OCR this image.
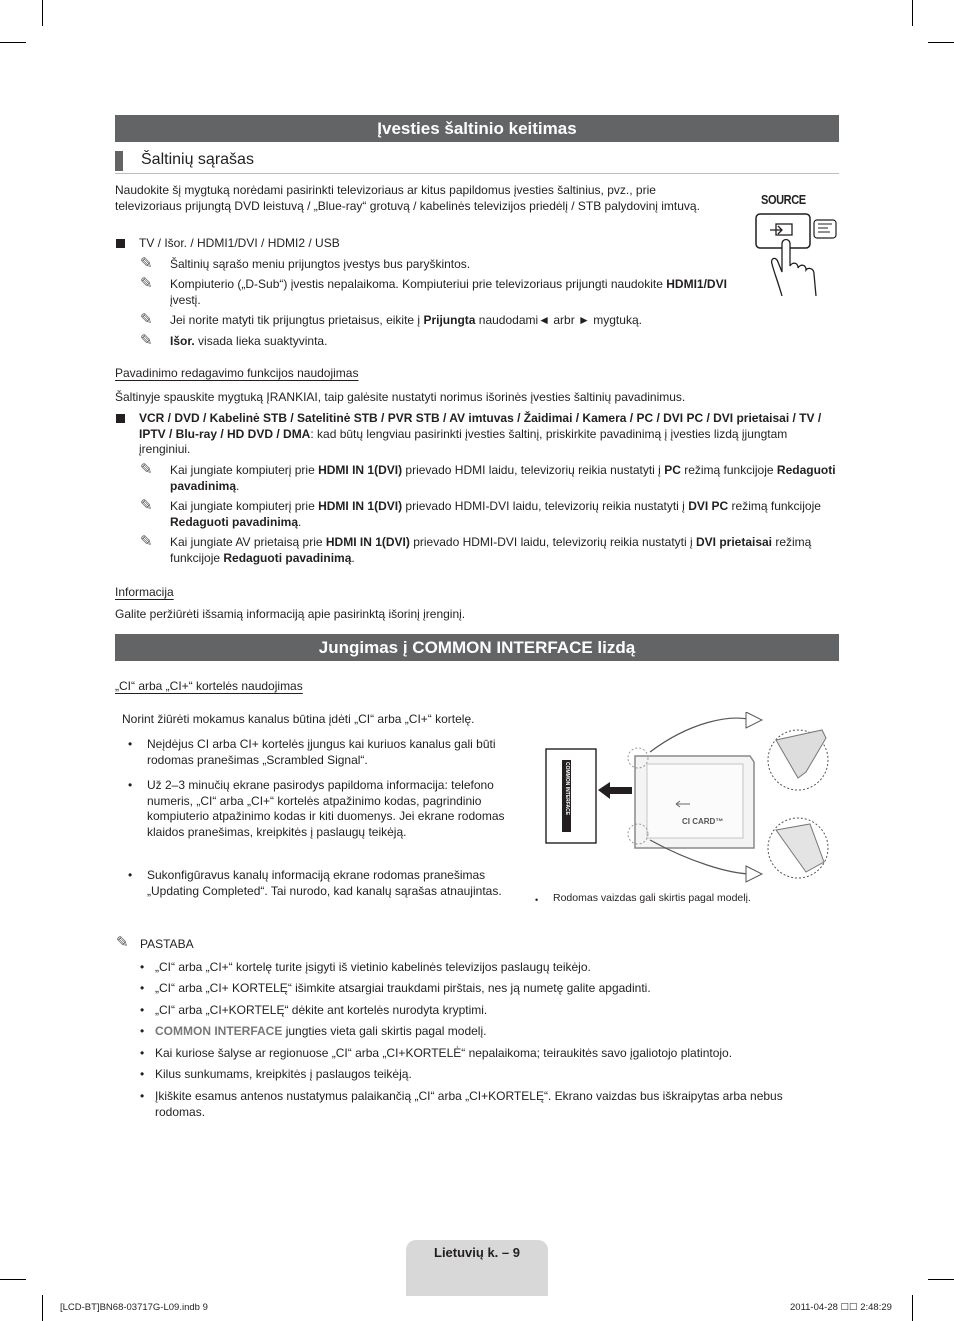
Įvesties šaltinio keitimas
Šaltinių sąrašas

Naudokite šį mygtuką norėdami pasirinkti televizoriaus ar kitus papildomus įvesties šaltinius, pvz., prie televizoriaus prijungtą DVD leistuvą / „Blue-ray“ grotuvą / kabelinės televizijos priedėlį / STB palydovinį imtuvą.	SOURCE

TV / Išor. / HDMI1/DVI / HDMI2 / USB

✎ Šaltinių sąrašo meniu prijungtos įvestys bus paryškintos.

✎ Kompiuterio („D-Sub“) įvestis nepalaikoma. Kompiuteriui prie televizoriaus prijungti naudokite HDMI1/DVI įvestį.

✎ Jei norite matyti tik prijungtus prietaisus, eikite į Prijungta naudodami◄ arbr ► mygtuką.

✎ Išor. visada lieka suaktyvinta.

Pavadinimo redagavimo funkcijos naudojimas

Šaltinyje spauskite mygtuką ĮRANKIAI, taip galėsite nustatyti norimus išorinės įvesties šaltinių pavadinimus.

VCR / DVD / Kabelinė STB / Satelitinė STB / PVR STB / AV imtuvas / Žaidimai / Kamera / PC / DVI PC / DVI prietaisai / TV / IPTV / Blu-ray / HD DVD / DMA: kad būtų lengviau pasirinkti įvesties šaltinį, priskirkite pavadinimą į įvesties lizdą įjungtam įrenginiui.

✎ Kai jungiate kompiuterį prie HDMI IN 1(DVI) prievado HDMI laidu, televizorių reikia nustatyti į PC režimą funkcijoje Redaguoti pavadinimą.

✎ Kai jungiate kompiuterį prie HDMI IN 1(DVI) prievado HDMI-DVI laidu, televizorių reikia nustatyti į DVI PC režimą funkcijoje Redaguoti pavadinimą.

✎ Kai jungiate AV prietaisą prie HDMI IN 1(DVI) prievado HDMI-DVI laidu, televizorių reikia nustatyti į DVI prietaisai režimą funkcijoje Redaguoti pavadinimą.

Informacija

Galite peržiūrėti išsamią informaciją apie pasirinktą išorinį įrenginį.

Jungimas į COMMON INTERFACE lizdą

„CI“ arba „CI+“ kortelės naudojimas

Norint žiūrėti mokamus kanalus būtina įdėti „CI“ arba „CI+“ kortelę.

• Neįdėjus CI arba CI+ kortelės įjungus kai kuriuos kanalus gali būti rodomas pranešimas „Scrambled Signal“.

• Už 2–3 minučių ekrane pasirodys papildoma informacija: telefono numeris, „CI“ arba „CI+“ kortelės atpažinimo kodas, pagrindinio kompiuterio atpažinimo kodas ir kiti duomenys. Jei ekrane rodomas klaidos pranešimas, kreipkitės į paslaugų teikėją.

• Sukonfigūravus kanalų informaciją ekrane rodomas pranešimas „Updating Completed“. Tai nurodo, kad kanalų sąrašas atnaujintas.

COMMON INTERFACE
CI CARD™
• Rodomas vaizdas gali skirtis pagal modelį.

✎ PASTABA

• „CI“ arba „CI+“ kortelę turite įsigyti iš vietinio kabelinės televizijos paslaugų teikėjo.

• „CI“ arba „CI+ KORTELĘ“ išimkite atsargiai traukdami pirštais, nes ją numetę galite apgadinti.

• „CI“ arba „CI+KORTELĘ“ dėkite ant kortelės nurodyta kryptimi.

• COMMON INTERFACE jungties vieta gali skirtis pagal modelį.

• Kai kuriose šalyse ar regionuose „CI“ arba „CI+KORTELĖ“ nepalaikoma; teiraukitės savo įgaliotojo platintojo.

• Kilus sunkumams, kreipkitės į paslaugos teikėją.

• Įkiškite esamus antenos nustatymus palaikančią „CI“ arba „CI+KORTELĘ“. Ekrano vaizdas bus iškraipytas arba nebus rodomas.

Lietuvių k. – 9
[LCD-BT]BN68-03717G-L09.indb 9	2011-04-28 ☐☐ 2:48:29
